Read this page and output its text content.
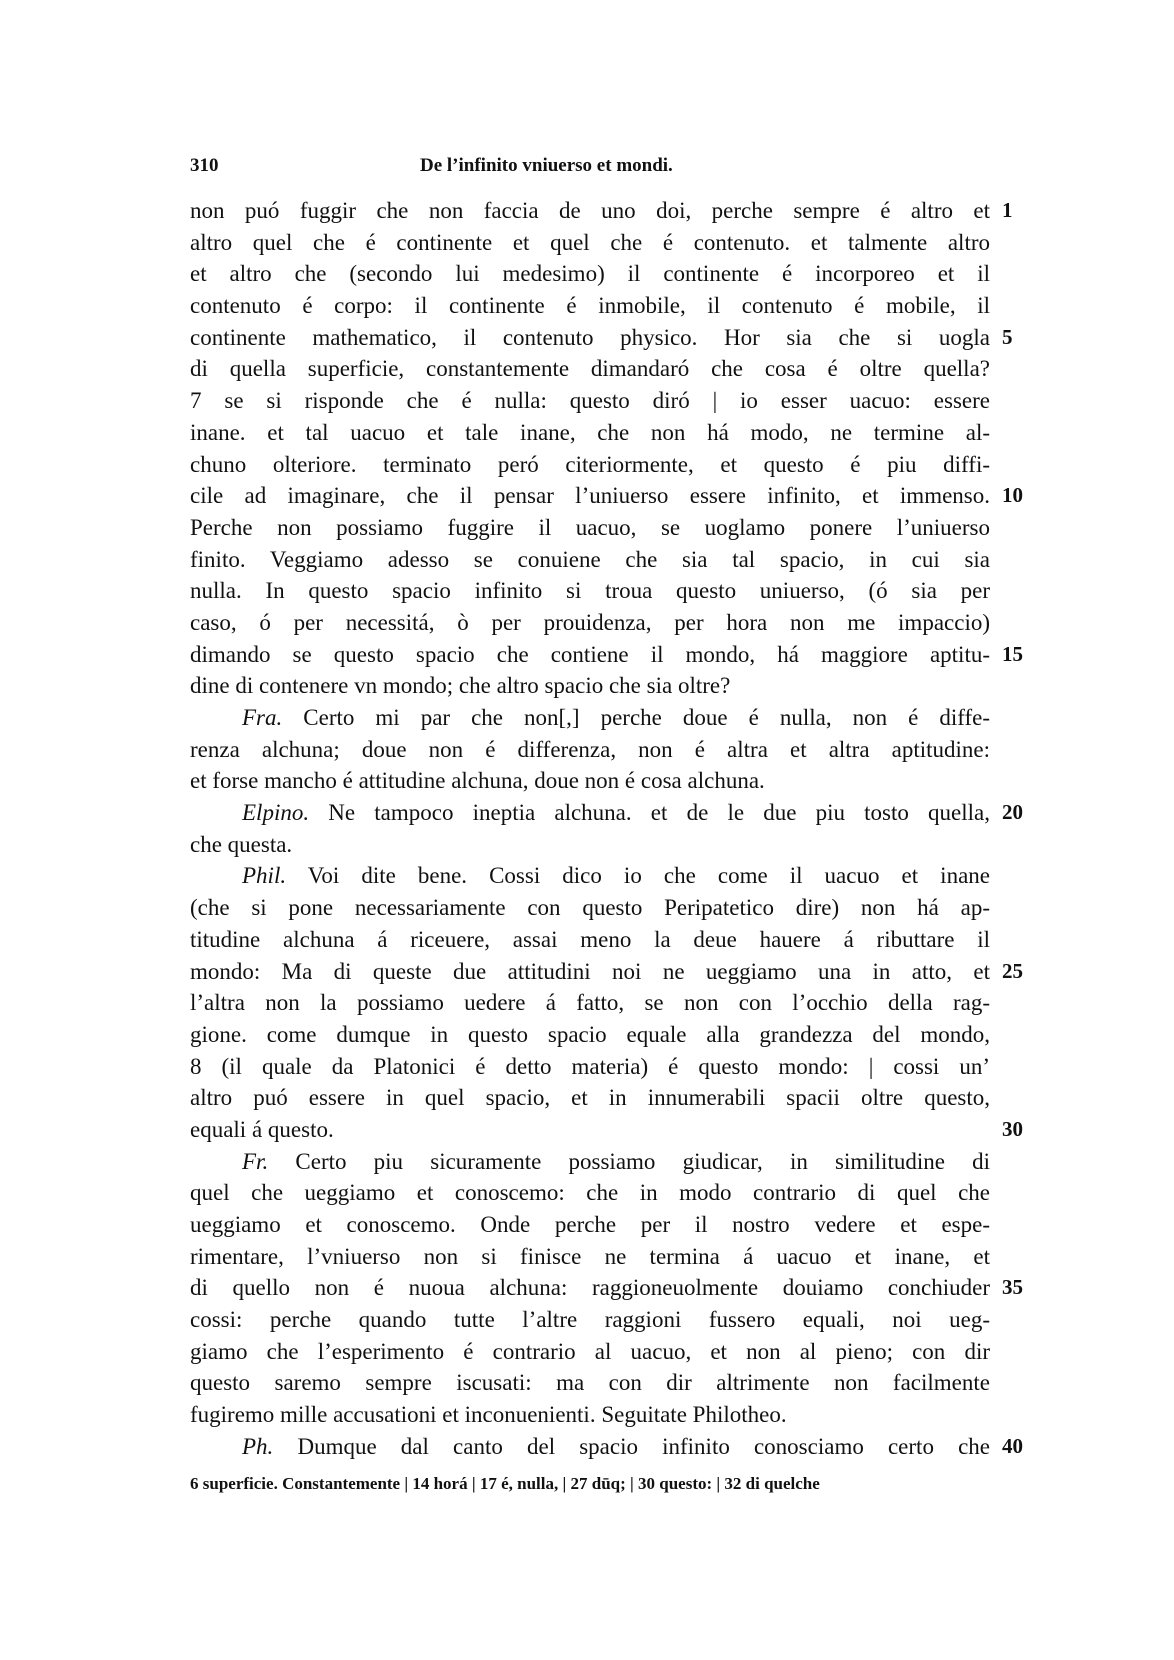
310	De l’infinito vniuerso et mondi.
non puó fuggir che non faccia de uno doi, perche sempre é altro et 1
altro quel che é continente et quel che é contenuto. et talmente altro
et altro che (secondo lui medesimo) il continente é incorporeo et il
contenuto é corpo: il continente é inmobile, il contenuto é mobile, il
continente mathematico, il contenuto physico. Hor sia che si uogla 5
di quella superficie, constantemente dimandaró che cosa é oltre quella?
7 se si risponde che é nulla: questo diró | io esser uacuo: essere
inane. et tal uacuo et tale inane, che non há modo, ne termine al-
chuno olteriore. terminato peró citeriormente, et questo é piu diffi-
cile ad imaginare, che il pensar l’uniuerso essere infinito, et immenso. 10
Perche non possiamo fuggire il uacuo, se uoglamo ponere l’uniuerso
finito. Veggiamo adesso se conuiene che sia tal spacio, in cui sia
nulla. In questo spacio infinito si troua questo uniuerso, (ó sia per
caso, ó per necessitá, ò per prouidenza, per hora non me impaccio)
dimando se questo spacio che contiene il mondo, há maggiore aptitu- 15
dine di contenere vn mondo; che altro spacio che sia oltre?
Fra. Certo mi par che non[,] perche doue é nulla, non é diffe-
renza alchuna; doue non é differenza, non é altra et altra aptitudine:
et forse mancho é attitudine alchuna, doue non é cosa alchuna.
Elpino. Ne tampoco ineptia alchuna. et de le due piu tosto quella, 20
che questa.
Phil. Voi dite bene. Cossi dico io che come il uacuo et inane
(che si pone necessariamente con questo Peripatetico dire) non há ap-
titudine alchuna á riceuere, assai meno la deue hauere á ributtare il
mondo: Ma di queste due attitudini noi ne ueggiamo una in atto, et 25
l’altra non la possiamo uedere á fatto, se non con l’occhio della rag-
gione. come dumque in questo spacio equale alla grandezza del mondo,
8 (il quale da Platonici é detto materia) é questo mondo: | cossi un’
altro puó essere in quel spacio, et in innumerabili spacii oltre questo,
equali á questo.	30
Fr. Certo piu sicuramente possiamo giudicar, in similitudine di
quel che ueggiamo et conoscemo: che in modo contrario di quel che
ueggiamo et conoscemo. Onde perche per il nostro vedere et espe-
rimentare, l’vniuerso non si finisce ne termina á uacuo et inane, et
di quello non é nuoua alchuna: raggioneuolmente douiamo conchiuder 35
cossi: perche quando tutte l’altre raggioni fussero equali, noi ueg-
giamo che l’esperimento é contrario al uacuo, et non al pieno; con dir
questo saremo sempre iscusati: ma con dir altrimente non facilmente
fugiremo mille accusationi et inconuenienti. Seguitate Philotheo.
Ph. Dumque dal canto del spacio infinito conosciamo certo che 40
6 superficie. Constantemente | 14 horá | 17 é, nulla, | 27 dūq; | 30 questo: | 32 di quelche
